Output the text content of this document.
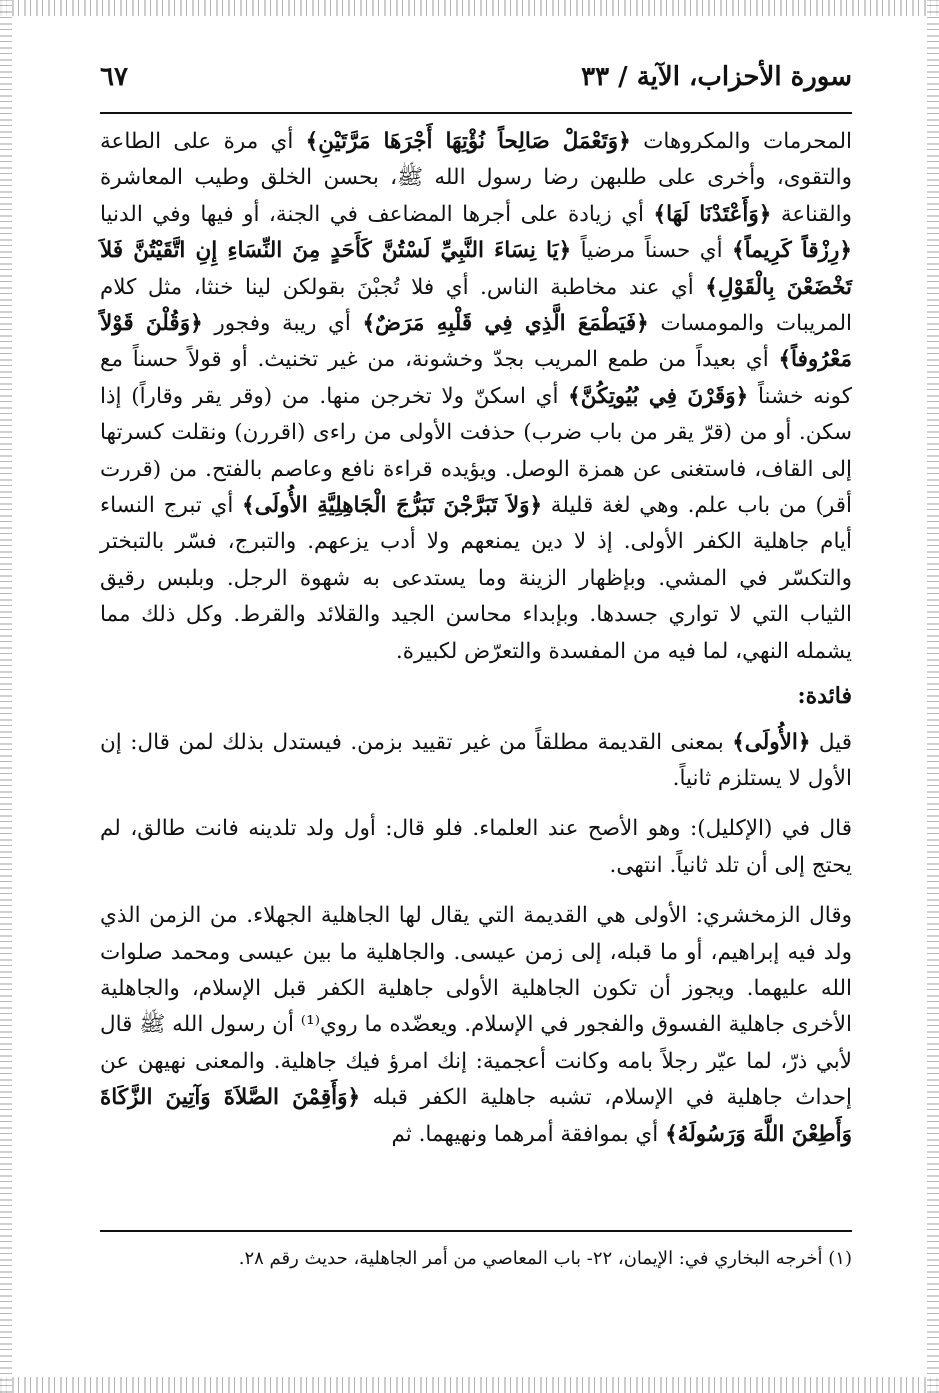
سورة الأحزاب، الآية / ٣٣
٦٧

المحرمات والمكروهات ﴿وَتَعْمَلْ صَالِحاً نُؤْتِهَا أَجْرَهَا مَرَّتَيْنِ﴾ أي مرة على الطاعة والتقوى، وأخرى على طلبهن رضا رسول الله ﷺ، بحسن الخلق وطيب المعاشرة والقناعة ﴿وَأَعْتَدْنَا لَهَا﴾ أي زيادة على أجرها المضاعف في الجنة، أو فيها وفي الدنيا ﴿رِزْقاً كَرِيماً﴾ أي حسناً مرضياً ﴿يَا نِسَاءَ النَّبِيِّ لَسْتُنَّ كَأَحَدٍ مِنَ النِّسَاءِ إِنِ اتَّقَيْتُنَّ فَلاَ تَخْضَعْنَ بِالْقَوْلِ﴾ أي عند مخاطبة الناس. أي فلا تُجبْنَ بقولكن لينا خنثا، مثل كلام المريبات والمومسات ﴿فَيَطْمَعَ الَّذِي فِي قَلْبِهِ مَرَضٌ﴾ أي ريبة وفجور ﴿وَقُلْنَ قَوْلاً مَعْرُوفاً﴾ أي بعيداً من طمع المريب بجدّ وخشونة، من غير تخنيث. أو قولاً حسناً مع كونه خشناً ﴿وَقَرْنَ فِي بُيُوتِكُنَّ﴾ أي اسكنّ ولا تخرجن منها. من (وقر يقر وقاراً) إذا سكن. أو من (قرّ يقر من باب ضرب) حذفت الأولى من راءى (اقررن) ونقلت كسرتها إلى القاف، فاستغنى عن همزة الوصل. ويؤيده قراءة نافع وعاصم بالفتح. من (قررت أقر) من باب علم. وهي لغة قليلة ﴿وَلاَ تَبَرَّجْنَ تَبَرُّجَ الْجَاهِلِيَّةِ الأُولَى﴾ أي تبرج النساء أيام جاهلية الكفر الأولى. إذ لا دين يمنعهم ولا أدب يزعهم. والتبرج، فسّر بالتبختر والتكسّر في المشي. وبإظهار الزينة وما يستدعى به شهوة الرجل. وبلبس رقيق الثياب التي لا تواري جسدها. وبإبداء محاسن الجيد والقلائد والقرط. وكل ذلك مما يشمله النهي، لما فيه من المفسدة والتعرّض لكبيرة.

فائدة:

قيل ﴿الأُولَى﴾ بمعنى القديمة مطلقاً من غير تقييد بزمن. فيستدل بذلك لمن قال: إن الأول لا يستلزم ثانياً.

قال في (الإكليل): وهو الأصح عند العلماء. فلو قال: أول ولد تلدينه فانت طالق، لم يحتج إلى أن تلد ثانياً. انتهى.

وقال الزمخشري: الأولى هي القديمة التي يقال لها الجاهلية الجهلاء. من الزمن الذي ولد فيه إبراهيم، أو ما قبله، إلى زمن عيسى. والجاهلية ما بين عيسى ومحمد صلوات الله عليهما. ويجوز أن تكون الجاهلية الأولى جاهلية الكفر قبل الإسلام، والجاهلية الأخرى جاهلية الفسوق والفجور في الإسلام. ويعضّده ما روي⁽¹⁾ أن رسول الله ﷺ قال لأبي ذرّ، لما عيّر رجلاً بامه وكانت أعجمية: إنك امرؤ فيك جاهلية. والمعنى نهيهن عن إحداث جاهلية في الإسلام، تشبه جاهلية الكفر قبله ﴿وَأَقِمْنَ الصَّلاَةَ وَآتِينَ الزَّكَاةَ وَأَطِعْنَ اللَّهَ وَرَسُولَهُ﴾ أي بموافقة أمرهما ونهيهما. ثم

(١) أخرجه البخاري في: الإيمان، ٢٢- باب المعاصي من أمر الجاهلية، حديث رقم ٢٨.
